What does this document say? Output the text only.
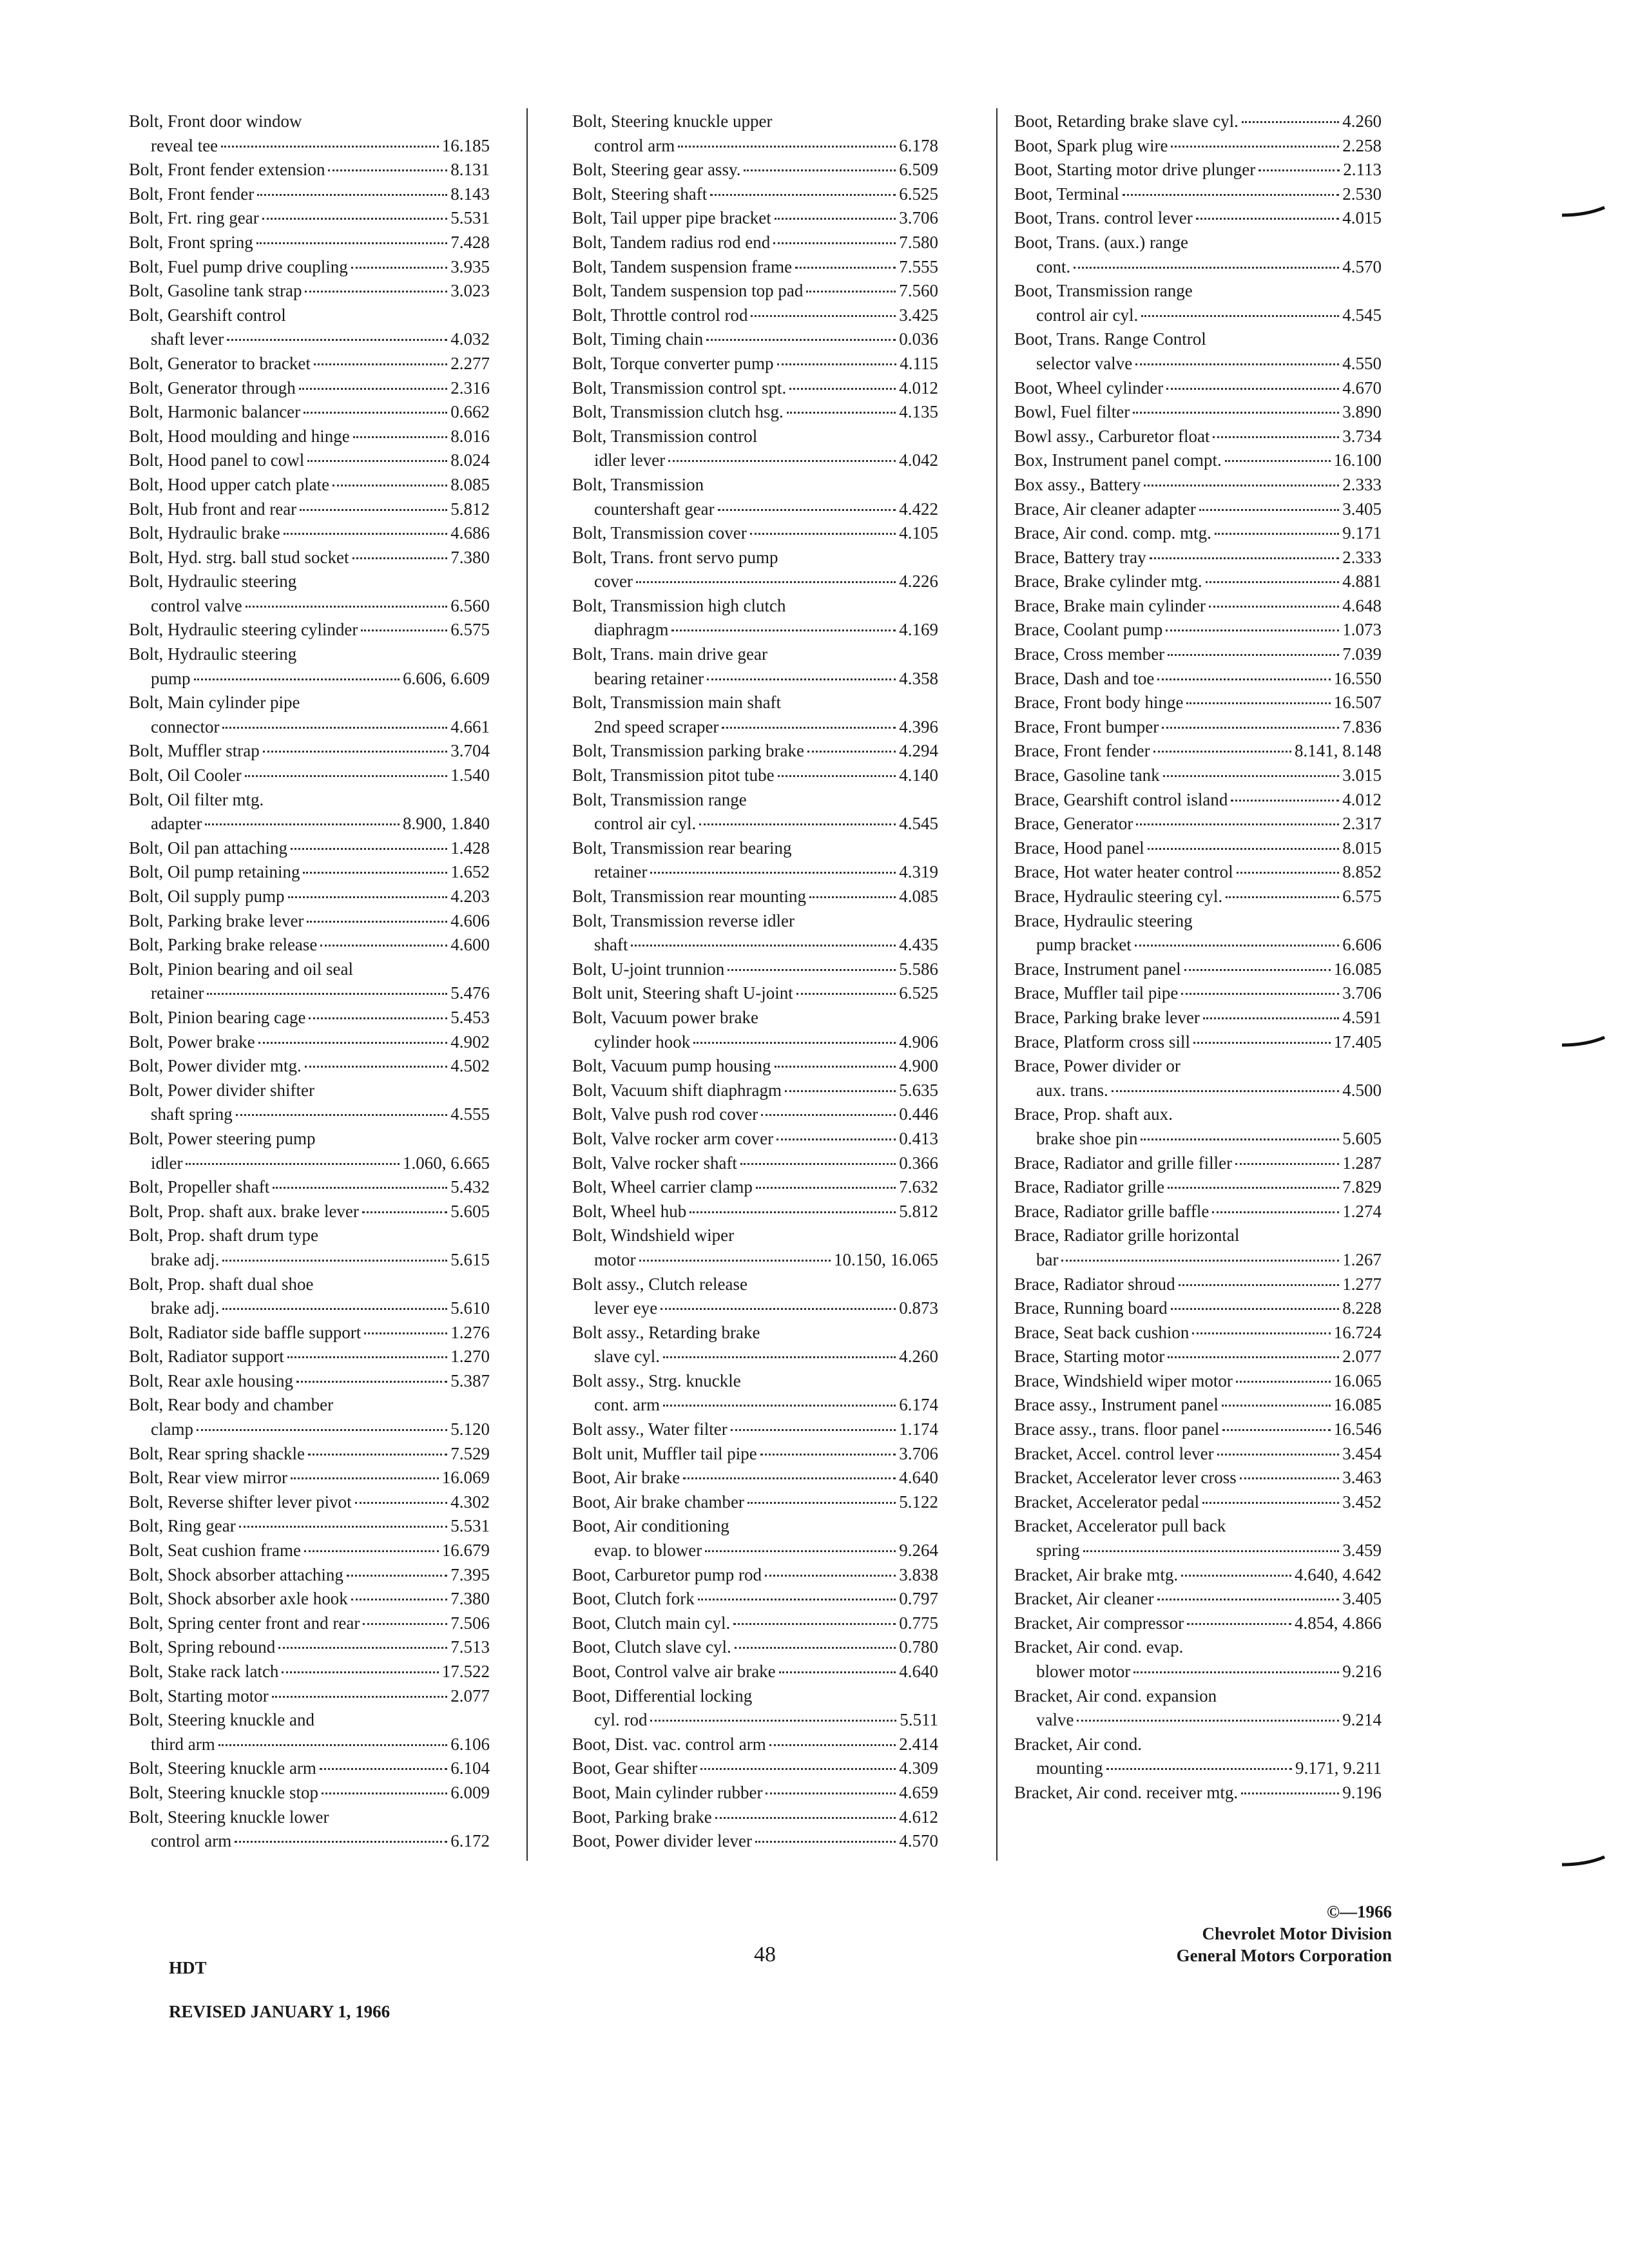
Bolt, Front door window
reveal tee	16.185
Bolt, Front fender extension	8.131
Bolt, Front fender	8.143
Bolt, Frt. ring gear	5.531
Bolt, Front spring	7.428
Bolt, Fuel pump drive coupling	3.935
Bolt, Gasoline tank strap	3.023
Bolt, Gearshift control
shaft lever	4.032
Bolt, Generator to bracket	2.277
Bolt, Generator through	2.316
Bolt, Harmonic balancer	0.662
Bolt, Hood moulding and hinge	8.016
Bolt, Hood panel to cowl	8.024
Bolt, Hood upper catch plate	8.085
Bolt, Hub front and rear	5.812
Bolt, Hydraulic brake	4.686
Bolt, Hyd. strg. ball stud socket	7.380
Bolt, Hydraulic steering
control valve	6.560
Bolt, Hydraulic steering cylinder	6.575
Bolt, Hydraulic steering
pump	6.606, 6.609
Bolt, Main cylinder pipe
connector	4.661
Bolt, Muffler strap	3.704
Bolt, Oil Cooler	1.540
Bolt, Oil filter mtg.
adapter	8.900, 1.840
Bolt, Oil pan attaching	1.428
Bolt, Oil pump retaining	1.652
Bolt, Oil supply pump	4.203
Bolt, Parking brake lever	4.606
Bolt, Parking brake release	4.600
Bolt, Pinion bearing and oil seal
retainer	5.476
Bolt, Pinion bearing cage	5.453
Bolt, Power brake	4.902
Bolt, Power divider mtg.	4.502
Bolt, Power divider shifter
shaft spring	4.555
Bolt, Power steering pump
idler	1.060, 6.665
Bolt, Propeller shaft	5.432
Bolt, Prop. shaft aux. brake lever	5.605
Bolt, Prop. shaft drum type
brake adj.	5.615
Bolt, Prop. shaft dual shoe
brake adj.	5.610
Bolt, Radiator side baffle support	1.276
Bolt, Radiator support	1.270
Bolt, Rear axle housing	5.387
Bolt, Rear body and chamber
clamp	5.120
Bolt, Rear spring shackle	7.529
Bolt, Rear view mirror	16.069
Bolt, Reverse shifter lever pivot	4.302
Bolt, Ring gear	5.531
Bolt, Seat cushion frame	16.679
Bolt, Shock absorber attaching	7.395
Bolt, Shock absorber axle hook	7.380
Bolt, Spring center front and rear	7.506
Bolt, Spring rebound	7.513
Bolt, Stake rack latch	17.522
Bolt, Starting motor	2.077
Bolt, Steering knuckle and
third arm	6.106
Bolt, Steering knuckle arm	6.104
Bolt, Steering knuckle stop	6.009
Bolt, Steering knuckle lower
control arm	6.172
Bolt, Steering knuckle upper
control arm	6.178
Bolt, Steering gear assy.	6.509
Bolt, Steering shaft	6.525
Bolt, Tail upper pipe bracket	3.706
Bolt, Tandem radius rod end	7.580
Bolt, Tandem suspension frame	7.555
Bolt, Tandem suspension top pad	7.560
Bolt, Throttle control rod	3.425
Bolt, Timing chain	0.036
Bolt, Torque converter pump	4.115
Bolt, Transmission control spt.	4.012
Bolt, Transmission clutch hsg.	4.135
Bolt, Transmission control
idler lever	4.042
Bolt, Transmission
countershaft gear	4.422
Bolt, Transmission cover	4.105
Bolt, Trans. front servo pump
cover	4.226
Bolt, Transmission high clutch
diaphragm	4.169
Bolt, Trans. main drive gear
bearing retainer	4.358
Bolt, Transmission main shaft
2nd speed scraper	4.396
Bolt, Transmission parking brake	4.294
Bolt, Transmission pitot tube	4.140
Bolt, Transmission range
control air cyl.	4.545
Bolt, Transmission rear bearing
retainer	4.319
Bolt, Transmission rear mounting	4.085
Bolt, Transmission reverse idler
shaft	4.435
Bolt, U-joint trunnion	5.586
Bolt unit, Steering shaft U-joint	6.525
Bolt, Vacuum power brake
cylinder hook	4.906
Bolt, Vacuum pump housing	4.900
Bolt, Vacuum shift diaphragm	5.635
Bolt, Valve push rod cover	0.446
Bolt, Valve rocker arm cover	0.413
Bolt, Valve rocker shaft	0.366
Bolt, Wheel carrier clamp	7.632
Bolt, Wheel hub	5.812
Bolt, Windshield wiper
motor	10.150, 16.065
Bolt assy., Clutch release
lever eye	0.873
Bolt assy., Retarding brake
slave cyl.	4.260
Bolt assy., Strg. knuckle
cont. arm	6.174
Bolt assy., Water filter	1.174
Bolt unit, Muffler tail pipe	3.706
Boot, Air brake	4.640
Boot, Air brake chamber	5.122
Boot, Air conditioning
evap. to blower	9.264
Boot, Carburetor pump rod	3.838
Boot, Clutch fork	0.797
Boot, Clutch main cyl.	0.775
Boot, Clutch slave cyl.	0.780
Boot, Control valve air brake	4.640
Boot, Differential locking
cyl. rod	5.511
Boot, Dist. vac. control arm	2.414
Boot, Gear shifter	4.309
Boot, Main cylinder rubber	4.659
Boot, Parking brake	4.612
Boot, Power divider lever	4.570
Boot, Retarding brake slave cyl.	4.260
Boot, Spark plug wire	2.258
Boot, Starting motor drive plunger	2.113
Boot, Terminal	2.530
Boot, Trans. control lever	4.015
Boot, Trans. (aux.) range
cont.	4.570
Boot, Transmission range
control air cyl.	4.545
Boot, Trans. Range Control
selector valve	4.550
Boot, Wheel cylinder	4.670
Bowl, Fuel filter	3.890
Bowl assy., Carburetor float	3.734
Box, Instrument panel compt.	16.100
Box assy., Battery	2.333
Brace, Air cleaner adapter	3.405
Brace, Air cond. comp. mtg.	9.171
Brace, Battery tray	2.333
Brace, Brake cylinder mtg.	4.881
Brace, Brake main cylinder	4.648
Brace, Coolant pump	1.073
Brace, Cross member	7.039
Brace, Dash and toe	16.550
Brace, Front body hinge	16.507
Brace, Front bumper	7.836
Brace, Front fender	8.141, 8.148
Brace, Gasoline tank	3.015
Brace, Gearshift control island	4.012
Brace, Generator	2.317
Brace, Hood panel	8.015
Brace, Hot water heater control	8.852
Brace, Hydraulic steering cyl.	6.575
Brace, Hydraulic steering
pump bracket	6.606
Brace, Instrument panel	16.085
Brace, Muffler tail pipe	3.706
Brace, Parking brake lever	4.591
Brace, Platform cross sill	17.405
Brace, Power divider or
aux. trans.	4.500
Brace, Prop. shaft aux.
brake shoe pin	5.605
Brace, Radiator and grille filler	1.287
Brace, Radiator grille	7.829
Brace, Radiator grille baffle	1.274
Brace, Radiator grille horizontal
bar	1.267
Brace, Radiator shroud	1.277
Brace, Running board	8.228
Brace, Seat back cushion	16.724
Brace, Starting motor	2.077
Brace, Windshield wiper motor	16.065
Brace assy., Instrument panel	16.085
Brace assy., trans. floor panel	16.546
Bracket, Accel. control lever	3.454
Bracket, Accelerator lever cross	3.463
Bracket, Accelerator pedal	3.452
Bracket, Accelerator pull back
spring	3.459
Bracket, Air brake mtg.	4.640, 4.642
Bracket, Air cleaner	3.405
Bracket, Air compressor	4.854, 4.866
Bracket, Air cond. evap.
blower motor	9.216
Bracket, Air cond. expansion
valve	9.214
Bracket, Air cond.
mounting	9.171, 9.211
Bracket, Air cond. receiver mtg.	9.196
HDT
REVISED JANUARY 1, 1966
48
©—1966
Chevrolet Motor Division
General Motors Corporation
